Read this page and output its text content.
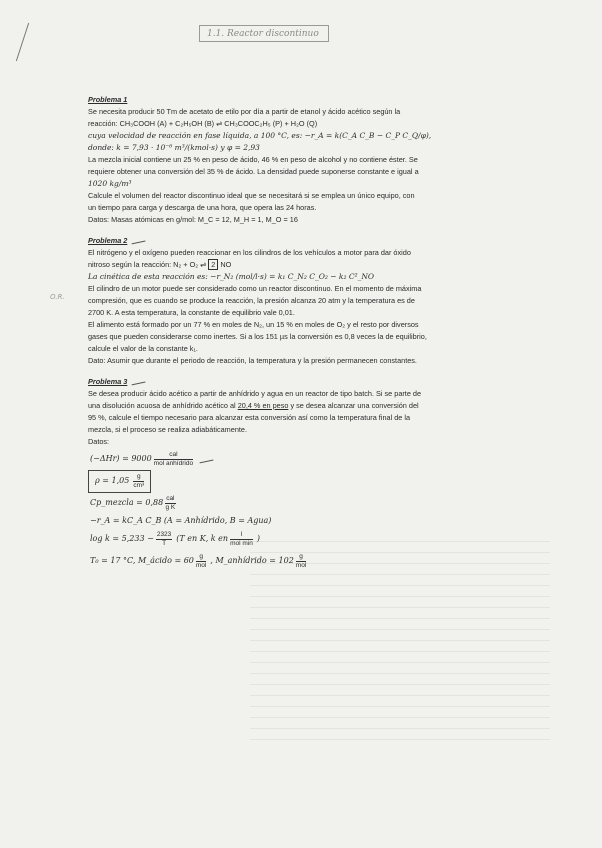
1.1. Reactor discontinuo
O.R.
Problema 1

Se necesita producir 50 Tm de acetato de etilo por día a partir de etanol y ácido acético según la
reacción: CH₃COOH (A) + C₂H₅OH (B) ⇌ CH₃COOC₂H₅ (P) + H₂O (Q)
cuya velocidad de reacción en fase líquida, a 100 °C, es: −r_A = k(C_A C_B − C_P C_Q/φ),
donde: k = 7,93 · 10⁻⁶ m³/(kmol·s) y φ = 2,93
La mezcla inicial contiene un 25 % en peso de ácido, 46 % en peso de alcohol y no contiene éster. Se
requiere obtener una conversión del 35 % de ácido. La densidad puede suponerse constante e igual a
1020 kg/m³
Calcule el volumen del reactor discontinuo ideal que se necesitará si se emplea un único equipo, con
un tiempo para carga y descarga de una hora, que opera las 24 horas.
Datos: Masas atómicas en g/mol: M_C = 12, M_H = 1, M_O = 16

Problema 2

El nitrógeno y el oxígeno pueden reaccionar en los cilindros de los vehículos a motor para dar óxido
nitroso según la reacción: N₂ + O₂ ⇌ 2 NO
La cinética de esta reacción es: −r_N₂ (mol/l·s) = k₁ C_N₂ C_O₂ − k₂ C²_NO
El cilindro de un motor puede ser considerado como un reactor discontinuo. En el momento de máxima
compresión, que es cuando se produce la reacción, la presión alcanza 20 atm y la temperatura es de
2700 K. A esta temperatura, la constante de equilibrio vale 0,01.
El alimento está formado por un 77 % en moles de N₂, un 15 % en moles de O₂ y el resto por diversos
gases que pueden considerarse como inertes. Si a los 151 µs la conversión es 0,8 veces la de equilibrio,
calcule el valor de la constante k₁.
Dato: Asumir que durante el periodo de reacción, la temperatura y la presión permanecen constantes.

Problema 3

Se desea producir ácido acético a partir de anhídrido y agua en un reactor de tipo batch. Si se parte de
una disolución acuosa de anhídrido acético al 20,4 % en peso y se desea alcanzar una conversión del
95 %, calcule el tiempo necesario para alcanzar esta conversión así como la temperatura final de la
mezcla, si el proceso se realiza adiabáticamente.
Datos:

$(-\Delta Hr) = 9000 \frac{\text{cal}}{\text{mol anhídrido}}$
$\rho = 1,05 \frac{g}{\text{cm³}}$
Cp_mezcla = $0,88 \frac{\text{cal}}{\text{g K}}$
−r_A = kC_A C_B (A = Anhídrido, B = Agua)
$\log k = 5,233 - \frac{2323}{T} (T$ en K, k en $\frac{l}{\text{mol min}}$ )
T₀ = 17 °C, M_ácido = $60 \frac{g}{\text{mol}}$ , M_anhídrido = $102 \frac{g}{\text{mol}}$
